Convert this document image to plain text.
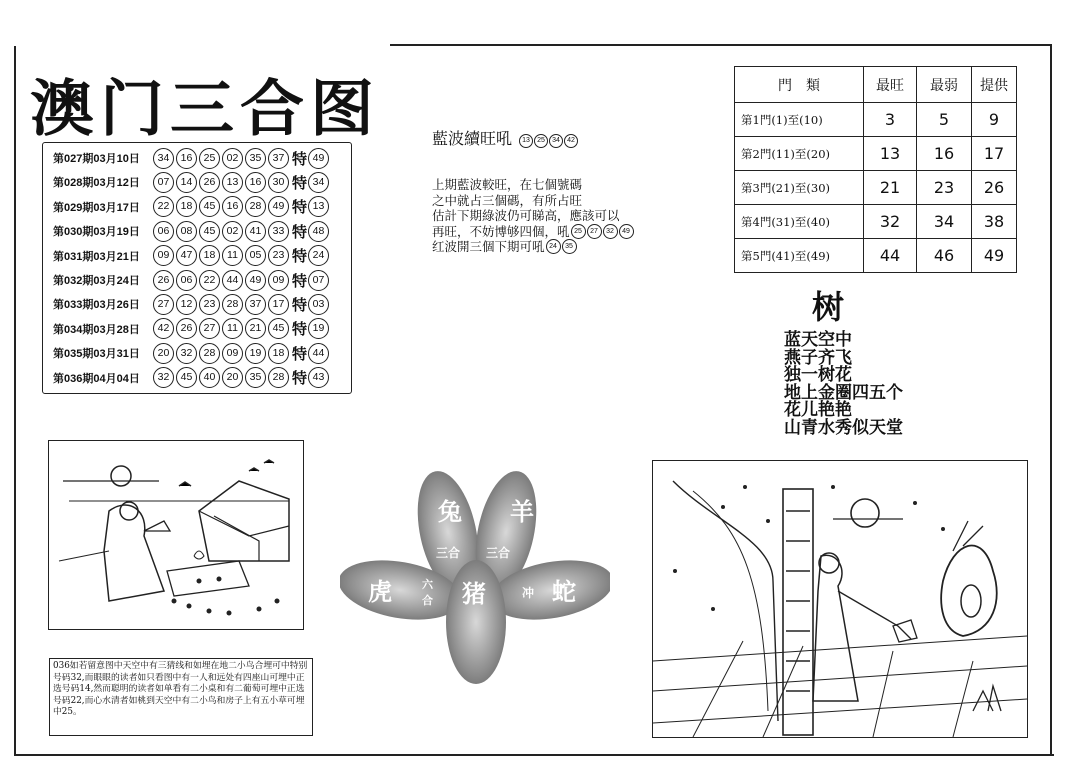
澳门三合图
第027期03月10日	34	16	25	02	35	37 特 49
第028期03月12日	07	14	26	13	16	30 特 34
第029期03月17日	22	18	45	16	28	49 特 13
第030期03月19日	06	08	45	02	41	33 特 48
第031期03月21日	09	47	18	11	05	23 特 24
第032期03月24日	26	06	22	44	49	09 特 07
第033期03月26日	27	12	23	28	37	17 特 03
第034期03月28日	42	26	27	11	21	45 特 19
第035期03月31日	20	32	28	09	19	18 特 44
第036期04月04日	32	45	40	20	35	28 特 43
藍波續旺吼	13 25 34 42
上期藍波較旺，在七個號碼
之中就占三個碼，有所占旺
估計下期綠波仍可睇高，應該可以
再旺，不妨博够四個，吼 25	27	32	49
红波開三個下期可吼 24	35
門　類	最旺	最弱	提供
第1門(1)至(10)	3	5	9
第2門(11)至(20)	13	16	17
第3門(21)至(30)	21	23	26
第4門(31)至(40)	32	34	38
第5門(41)至(49)	44	46	49
树
蓝天空中
燕子齐飞
独一树花
地上金圈四五个
花儿艳艳
山青水秀似天堂
兔 羊
虎	猪	蛇
三合 三合
六
合
冲
036如若留意图中天空中有三猜线和如埋在地二小鸟合埋可中特别号码32,而眼眼的读者如只看图中有一人和远处有四座山可埋中正选号码14,然而聪明的读者如单看有二小桌和有二葡萄可埋中正选号码22,而心水清者如桃到天空中有二小鸟和房子上有五小草可埋中25。
